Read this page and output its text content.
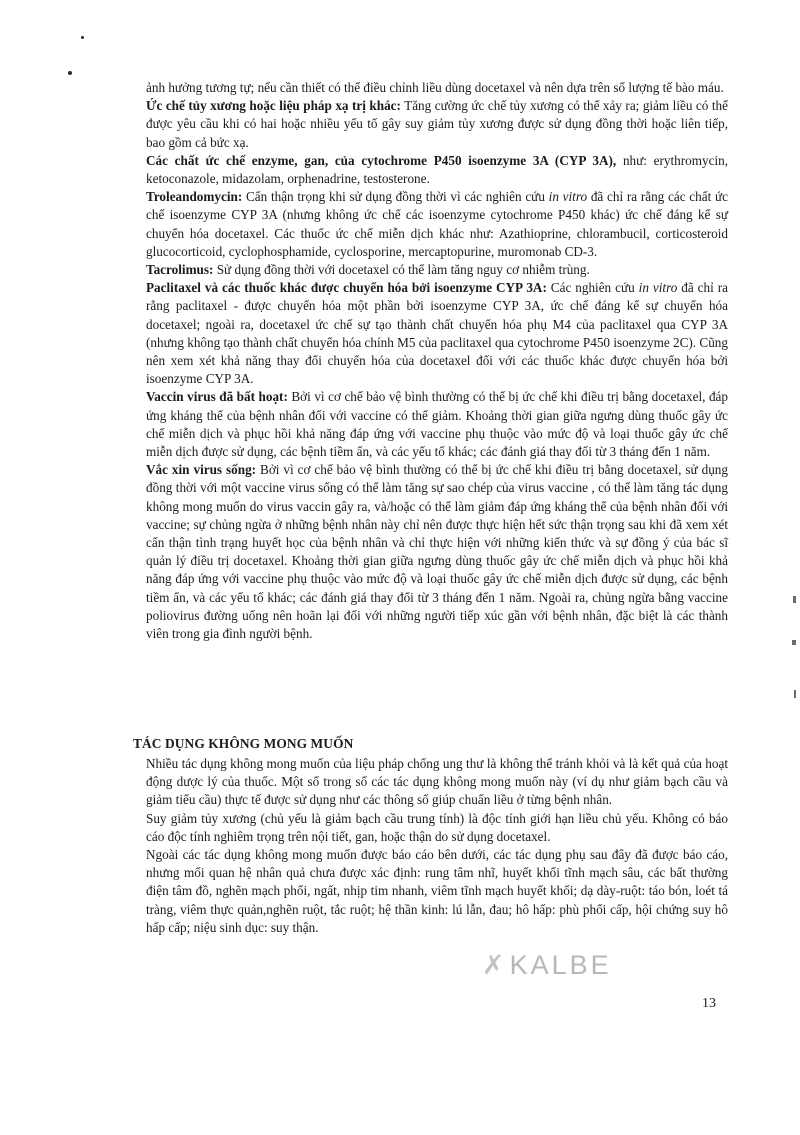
ảnh hưởng tương tự; nếu cần thiết có thể điều chỉnh liều dùng docetaxel và nên dựa trên số lượng tế bào máu.

Ức chế tủy xương hoặc liệu pháp xạ trị khác: Tăng cường ức chế tủy xương có thể xảy ra; giảm liều có thể được yêu cầu khi có hai hoặc nhiều yếu tố gây suy giảm tủy xương được sử dụng đồng thời hoặc liên tiếp, bao gồm cả bức xạ.

Các chất ức chế enzyme, gan, của cytochrome P450 isoenzyme 3A (CYP 3A), như: erythromycin, ketoconazole, midazolam, orphenadrine, testosterone.

Troleandomycin: Cẩn thận trọng khi sử dụng đồng thời vì các nghiên cứu in vitro đã chỉ ra rằng các chất ức chế isoenzyme CYP 3A (nhưng không ức chế các isoenzyme cytochrome P450 khác) ức chế đáng kể sự chuyển hóa docetaxel. Các thuốc ức chế miễn dịch khác như: Azathioprine, chlorambucil, corticosteroid glucocorticoid, cyclophosphamide, cyclosporine, mercaptopurine, muromonab CD-3.

Tacrolimus: Sử dụng đồng thời với docetaxel có thể làm tăng nguy cơ nhiễm trùng.

Paclitaxel và các thuốc khác được chuyển hóa bởi isoenzyme CYP 3A: Các nghiên cứu in vitro đã chỉ ra rằng paclitaxel - được chuyển hóa một phần bởi isoenzyme CYP 3A, ức chế đáng kể sự chuyển hóa docetaxel; ngoài ra, docetaxel ức chế sự tạo thành chất chuyển hóa phụ M4 của paclitaxel qua CYP 3A (nhưng không tạo thành chất chuyển hóa chính M5 của paclitaxel qua cytochrome P450 isoenzyme 2C). Cũng nên xem xét khả năng thay đổi chuyển hóa của docetaxel đối với các thuốc khác được chuyển hóa bởi isoenzyme CYP 3A.

Vaccin virus đã bất hoạt: Bởi vì cơ chế bảo vệ bình thường có thể bị ức chế khi điều trị bằng docetaxel, đáp ứng kháng thể của bệnh nhân đối với vaccine có thể giảm. Khoảng thời gian giữa ngưng dùng thuốc gây ức chế miễn dịch và phục hồi khả năng đáp ứng với vaccine phụ thuộc vào mức độ và loại thuốc gây ức chế miễn dịch được sử dụng, các bệnh tiềm ẩn, và các yếu tố khác; các đánh giá thay đổi từ 3 tháng đến 1 năm.

Vắc xin virus sống: Bởi vì cơ chế bảo vệ bình thường có thể bị ức chế khi điều trị bằng docetaxel, sử dụng đồng thời với một vaccine virus sống có thể làm tăng sự sao chép của virus vaccine , có thể làm tăng tác dụng không mong muốn do virus vaccin gây ra, và/hoặc có thể làm giảm đáp ứng kháng thể của bệnh nhân đối với vaccine; sự chủng ngừa ở những bệnh nhân này chỉ nên được thực hiện hết sức thận trọng sau khi đã xem xét cẩn thận tình trạng huyết học của bệnh nhân và chỉ thực hiện với những kiến thức và sự đồng ý của bác sĩ quản lý điều trị docetaxel. Khoảng thời gian giữa ngưng dùng thuốc gây ức chế miễn dịch và phục hồi khả năng đáp ứng với vaccine phụ thuộc vào mức độ và loại thuốc gây ức chế miễn dịch được sử dụng, các bệnh tiềm ẩn, và các yếu tố khác; các đánh giá thay đổi từ 3 tháng đến 1 năm. Ngoài ra, chủng ngừa bằng vaccine poliovirus đường uống nên hoãn lại đối với những người tiếp xúc gần với bệnh nhân, đặc biệt là các thành viên trong gia đình người bệnh.

TÁC DỤNG KHÔNG MONG MUỐN

Nhiều tác dụng không mong muốn của liệu pháp chống ung thư là không thể tránh khỏi và là kết quả của hoạt động dược lý của thuốc. Một số trong số các tác dụng không mong muốn này (ví dụ như giảm bạch cầu và giảm tiểu cầu) thực tế được sử dụng như các thông số giúp chuẩn liều ở từng bệnh nhân.

Suy giảm tủy xương (chủ yếu là giảm bạch cầu trung tính) là độc tính giới hạn liều chủ yếu. Không có báo cáo độc tính nghiêm trọng trên nội tiết, gan, hoặc thận do sử dụng docetaxel.

Ngoài các tác dụng không mong muốn được báo cáo bên dưới, các tác dụng phụ sau đây đã được báo cáo, nhưng mối quan hệ nhân quả chưa được xác định: rung tâm nhĩ, huyết khối tĩnh mạch sâu, các bất thường điện tâm đồ, nghẽn mạch phổi, ngất, nhịp tim nhanh, viêm tĩnh mạch huyết khối; dạ dày-ruột: táo bón, loét tá tràng, viêm thực quản,nghẽn ruột, tắc ruột; hệ thần kinh: lú lẫn, đau; hô hấp: phù phổi cấp, hội chứng suy hô hấp cấp; niệu sinh dục: suy thận.

✗KALBE
13
